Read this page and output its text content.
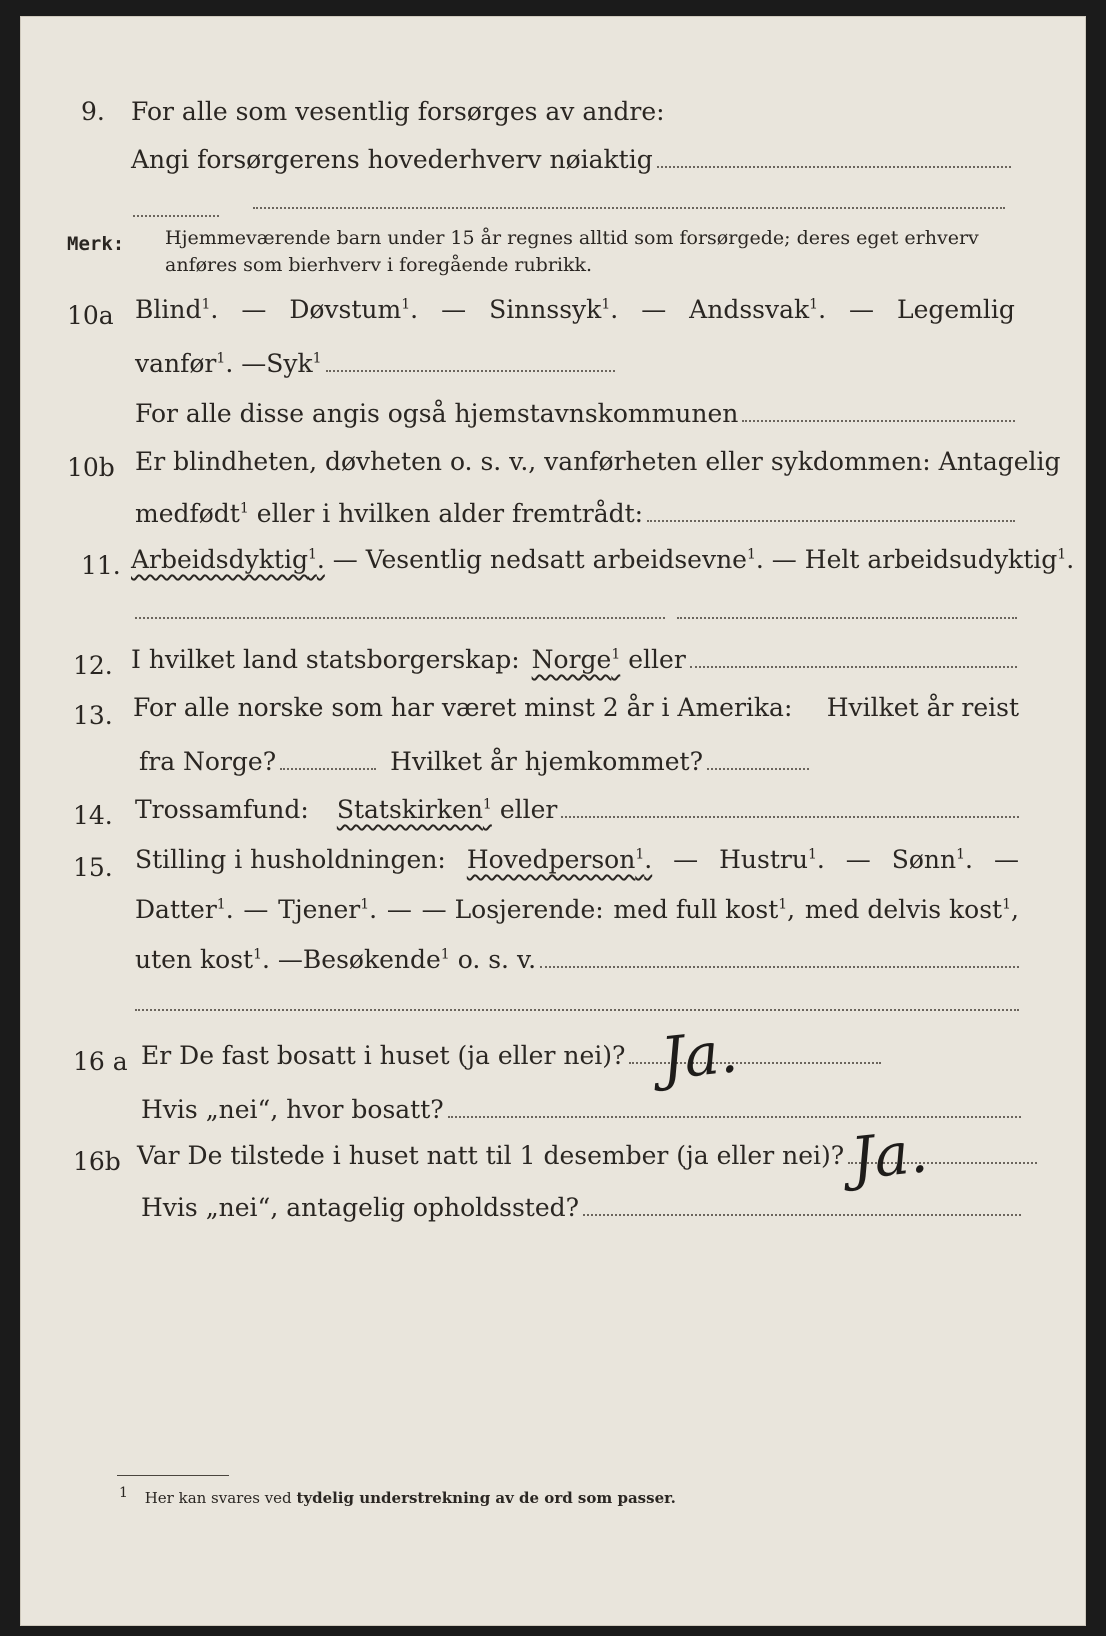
9. For alle som vesentlig forsørges av andre:
Angi forsørgerens hovederhverv nøiaktig
Merk: Hjemmeværende barn under 15 år regnes alltid som forsørgede; deres eget erhverv
anføres som bierhverv i foregående rubrikk.
10a Blind$^1$. — Døvstum$^1$. — Sinnssyk$^1$. — Andssvak$^1$. — Legemlig
vanfør$^1$. — Syk$^1$
For alle disse angis også hjemstavnskommunen
10b Er blindheten, døvheten o. s. v., vanførheten eller sykdommen: Antagelig
medfødt$^1$ eller i hvilken alder fremtrådt:
11. Arbeidsdyktig$^1$. — Vesentlig nedsatt arbeidsevne$^1$. — Helt arbeidsudyktig$^1$.
12. I hvilket land statsborgerskap: Norge$^1$ eller
13. For alle norske som har været minst 2 år i Amerika: Hvilket år reist
fra Norge?	Hvilket år hjemkommet?
14. Trossamfund: Statskirken$^1$ eller
15. Stilling i husholdningen: Hovedperson$^1$. — Hustru$^1$. — Sønn$^1$. —
Datter$^1$. — Tjener$^1$. — — Losjerende: med full kost$^1$, med delvis kost$^1$,
uten kost$^1$. — Besøkende$^1$ o. s. v.
16 a Er De fast bosatt i huset (ja eller nei)? Ja.
Hvis „nei“, hvor bosatt?
16b Var De tilstede i huset natt til 1 desember (ja eller nei)? Ja.
Hvis „nei“, antagelig opholdssted?
1 Her kan svares ved tydelig understrekning av de ord som passer.
